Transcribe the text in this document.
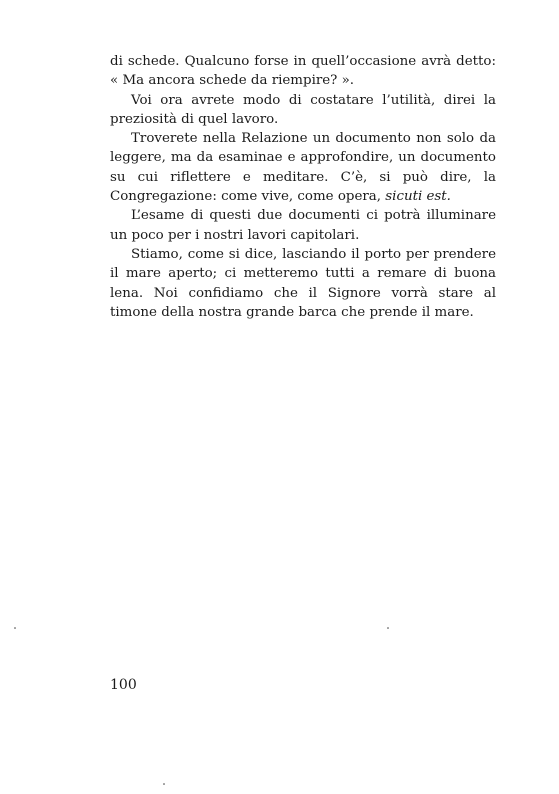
di schede. Qualcuno forse in quell’occasione avrà detto: « Ma ancora schede da riempire? ».

Voi ora avrete modo di costatare l’utilità, direi la preziosità di quel lavoro.

Troverete nella Relazione un documento non solo da leggere, ma da esaminae e approfondire, un documento su cui riflettere e meditare. C’è, si può dire, la Congregazione: come vive, come opera, sicuti est.

L’esame di questi due documenti ci potrà illuminare un poco per i nostri lavori capitolari.

Stiamo, come si dice, lasciando il porto per prendere il mare aperto; ci metteremo tutti a remare di buona lena. Noi confidiamo che il Signore vorrà stare al timone della nostra grande barca che prende il mare.

100
